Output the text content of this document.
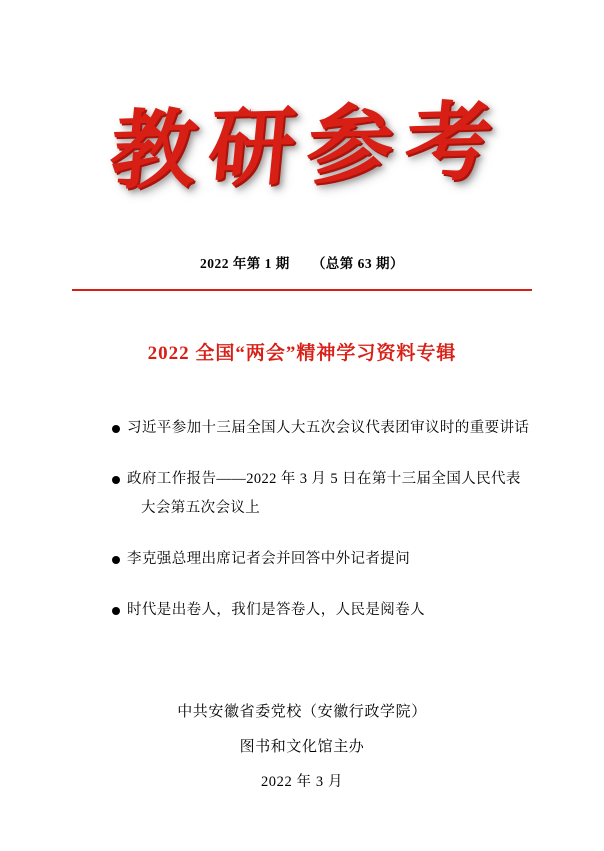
教研参考
2022 年第 1 期 （总第 63 期）
2022 全国“两会”精神学习资料专辑
习近平参加十三届全国人大五次会议代表团审议时的重要讲话
政府工作报告——2022 年 3 月 5 日在第十三届全国人民代表
大会第五次会议上
李克强总理出席记者会并回答中外记者提问
时代是出卷人，我们是答卷人，人民是阅卷人
中共安徽省委党校（安徽行政学院）
图书和文化馆主办
2022 年 3 月
